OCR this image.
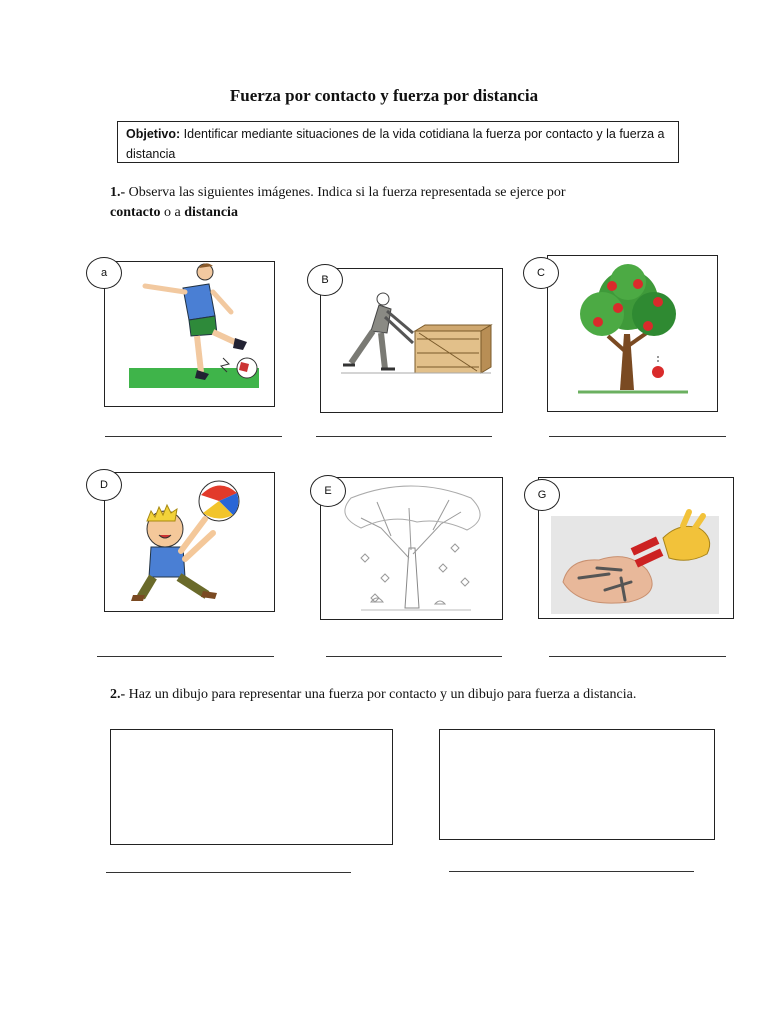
Fuerza por contacto y fuerza por distancia
Objetivo: Identificar mediante situaciones de la vida cotidiana la fuerza por contacto y la fuerza a distancia
1.- Observa las siguientes imágenes. Indica si la fuerza representada se ejerce por
contacto o a distancia
a
B
C
D	E	G
2.- Haz un dibujo para representar una fuerza por contacto y un dibujo para fuerza a distancia.
